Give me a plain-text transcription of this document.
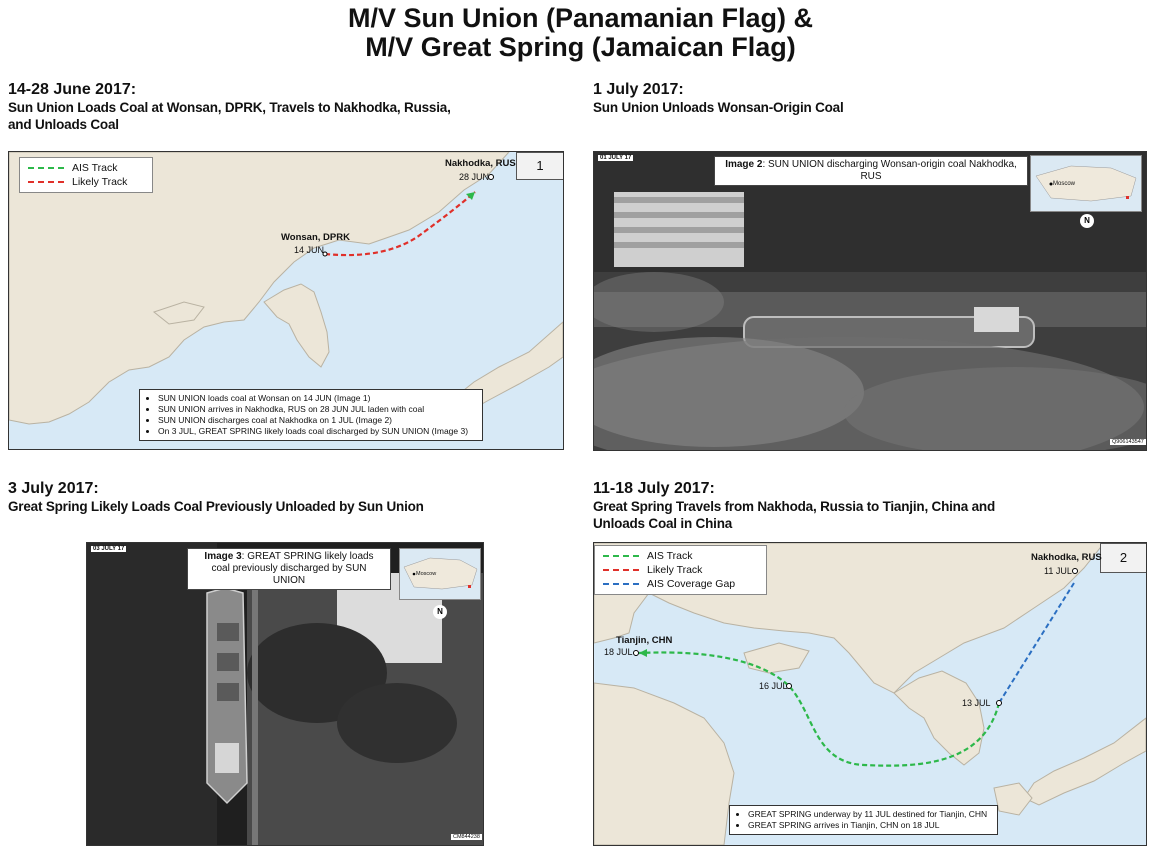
M/V Sun Union (Panamanian Flag) &
M/V Great Spring (Jamaican Flag)
14-28 June 2017:
Sun Union Loads Coal at Wonsan, DPRK, Travels to Nakhodka, Russia,
and Unloads Coal
1 July 2017:
Sun Union Unloads Wonsan-Origin Coal
AIS Track
Likely Track
1
Nakhodka, RUS
28 JUN
Wonsan, DPRK
14 JUN
• SUN UNION loads coal at Wonsan on 14 JUN (Image 1)
• SUN UNION arrives in Nakhodka, RUS on 28 JUN JUL laden with coal
• SUN UNION discharges coal at Nakhodka on 1 JUL (Image 2)
• On 3 JUL, GREAT SPRING likely loads coal discharged by SUN UNION (Image 3)
01 JULY 17
Image 2: SUN UNION discharging Wonsan-origin coal Nakhodka, RUS
Moscow
N
Q906143547
3 July 2017:
Great Spring Likely Loads Coal Previously Unloaded by Sun Union
11-18 July 2017:
Great Spring Travels from Nakhoda, Russia to Tianjin, China and
Unloads Coal in China
03 JULY 17
Image 3: GREAT SPRING likely loads coal previously discharged by SUN UNION
Moscow
N
CM844238
AIS Track
Likely Track
AIS Coverage Gap
2
Nakhodka, RUS
11 JUL
Tianjin, CHN
18 JUL
16 JUL
13 JUL
• GREAT SPRING underway by 11 JUL destined for Tianjin, CHN
• GREAT SPRING arrives in Tianjin, CHN on 18 JUL
